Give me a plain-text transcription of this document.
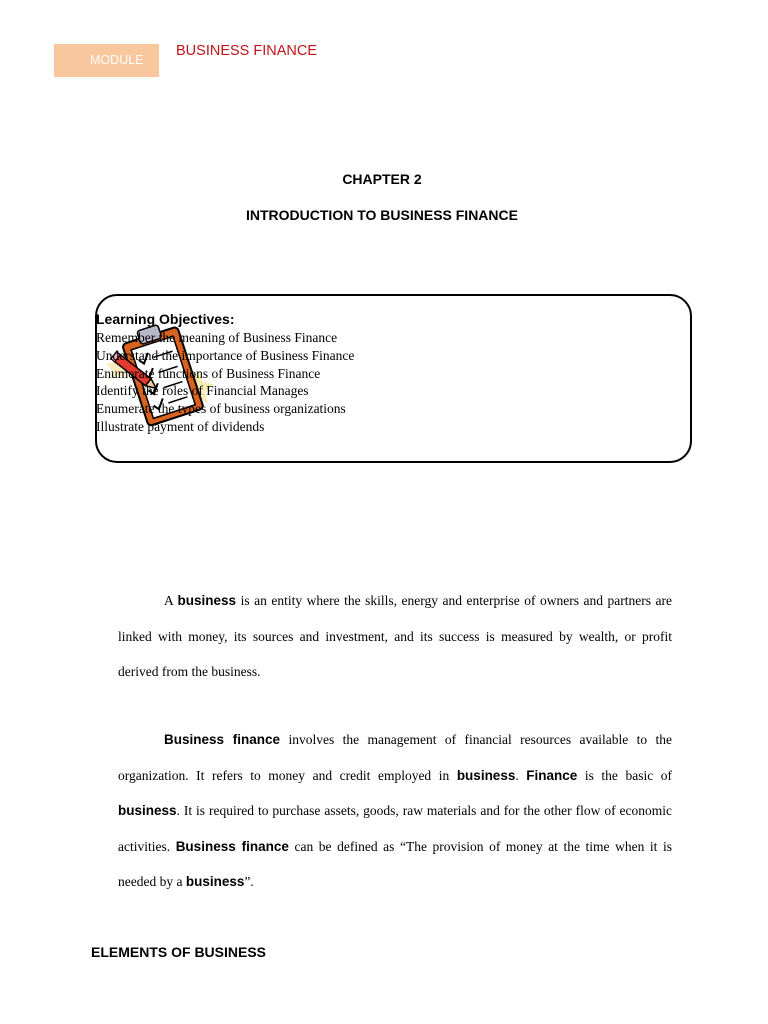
MODULE
BUSINESS FINANCE
CHAPTER 2
INTRODUCTION TO BUSINESS FINANCE
Learning Objectives:
Remember the meaning of Business Finance
Understand the importance of Business Finance
Enumerate functions of Business Finance
Identify the roles of Financial Manages
Enumerate the types of business organizations
Illustrate payment of dividends

A business is an entity where the skills, energy and enterprise of owners and partners are linked with money, its sources and investment, and its success is measured by wealth, or profit derived from the business.

Business finance involves the management of financial resources available to the organization. It refers to money and credit employed in business. Finance is the basic of business. It is required to purchase assets, goods, raw materials and for the other flow of economic activities. Business finance can be defined as “The provision of money at the time when it is needed by a business”.

ELEMENTS OF BUSINESS
